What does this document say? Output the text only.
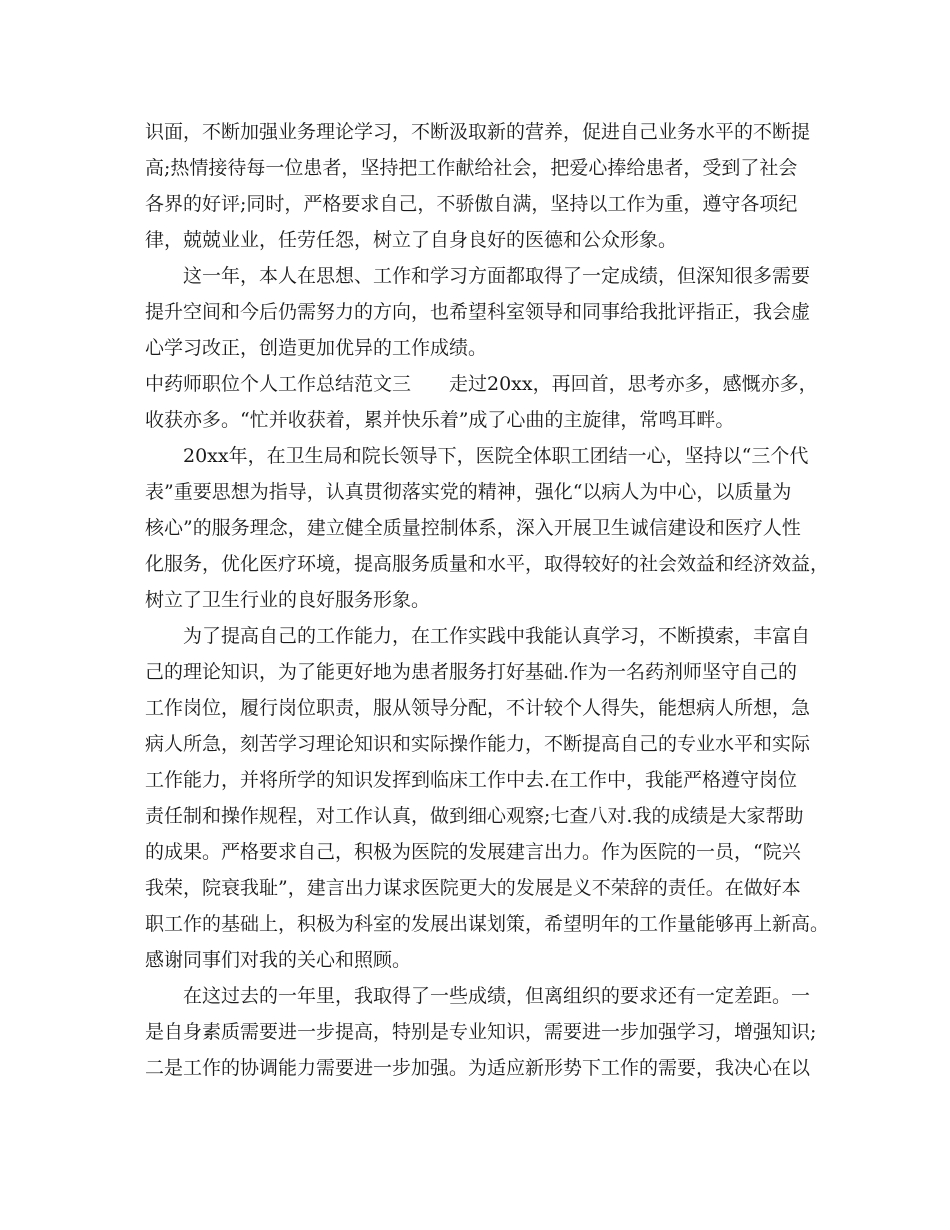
识面，不断加强业务理论学习，不断汲取新的营养，促进自己业务水平的不断提
高;热情接待每一位患者，坚持把工作献给社会，把爱心捧给患者，受到了社会
各界的好评;同时，严格要求自己，不骄傲自满，坚持以工作为重，遵守各项纪
律，兢兢业业，任劳任怨，树立了自身良好的医德和公众形象。
这一年，本人在思想、工作和学习方面都取得了一定成绩，但深知很多需要
提升空间和今后仍需努力的方向，也希望科室领导和同事给我批评指正，我会虚
心学习改正，创造更加优异的工作成绩。
中药师职位个人工作总结范文三　　走过20xx，再回首，思考亦多，感慨亦多，
收获亦多。“忙并收获着，累并快乐着”成了心曲的主旋律，常鸣耳畔。
20xx年，在卫生局和院长领导下，医院全体职工团结一心，坚持以“三个代
表”重要思想为指导，认真贯彻落实党的精神，强化“以病人为中心，以质量为
核心”的服务理念，建立健全质量控制体系，深入开展卫生诚信建设和医疗人性
化服务，优化医疗环境，提高服务质量和水平，取得较好的社会效益和经济效益，
树立了卫生行业的良好服务形象。
为了提高自己的工作能力，在工作实践中我能认真学习，不断摸索，丰富自
己的理论知识，为了能更好地为患者服务打好基础.作为一名药剂师坚守自己的
工作岗位，履行岗位职责，服从领导分配，不计较个人得失，能想病人所想，急
病人所急，刻苦学习理论知识和实际操作能力，不断提高自己的专业水平和实际
工作能力，并将所学的知识发挥到临床工作中去.在工作中，我能严格遵守岗位
责任制和操作规程，对工作认真，做到细心观察;七查八对.我的成绩是大家帮助
的成果。严格要求自己，积极为医院的发展建言出力。作为医院的一员，“院兴
我荣，院衰我耻”，建言出力谋求医院更大的发展是义不荣辞的责任。在做好本
职工作的基础上，积极为科室的发展出谋划策，希望明年的工作量能够再上新高。
感谢同事们对我的关心和照顾。
在这过去的一年里，我取得了一些成绩，但离组织的要求还有一定差距。一
是自身素质需要进一步提高，特别是专业知识，需要进一步加强学习，增强知识;
二是工作的协调能力需要进一步加强。为适应新形势下工作的需要，我决心在以
